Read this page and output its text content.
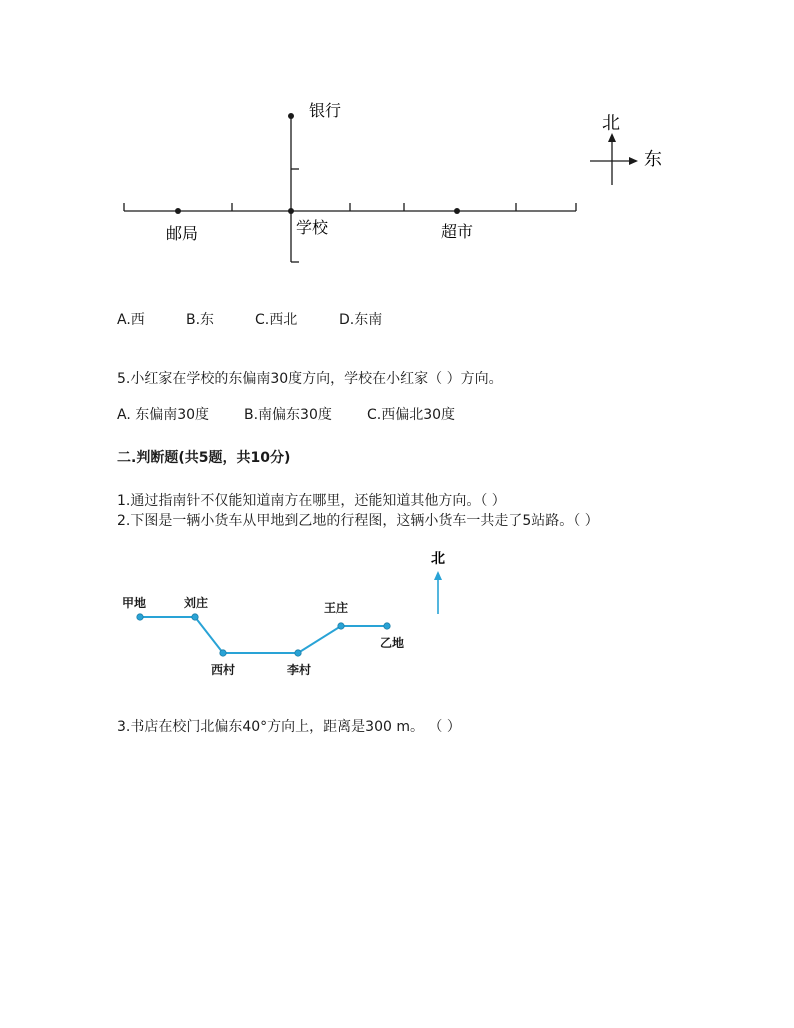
银行
邮局	学校	超市
北
东
A.西	B.东	C.西北	D.东南
5.小红家在学校的东偏南30度方向，学校在小红家（ ）方向。
A. 东偏南30度 B.南偏东30度	C.西偏北30度
二.判断题(共5题，共10分)
1.通过指南针不仅能知道南方在哪里，还能知道其他方向。（ ）
2.下图是一辆小货车从甲地到乙地的行程图，这辆小货车一共走了5站路。（ ）
甲地	刘庄
西村	李村
王庄
乙地
北
3.书店在校门北偏东40°方向上，距离是300 m。 （ ）
